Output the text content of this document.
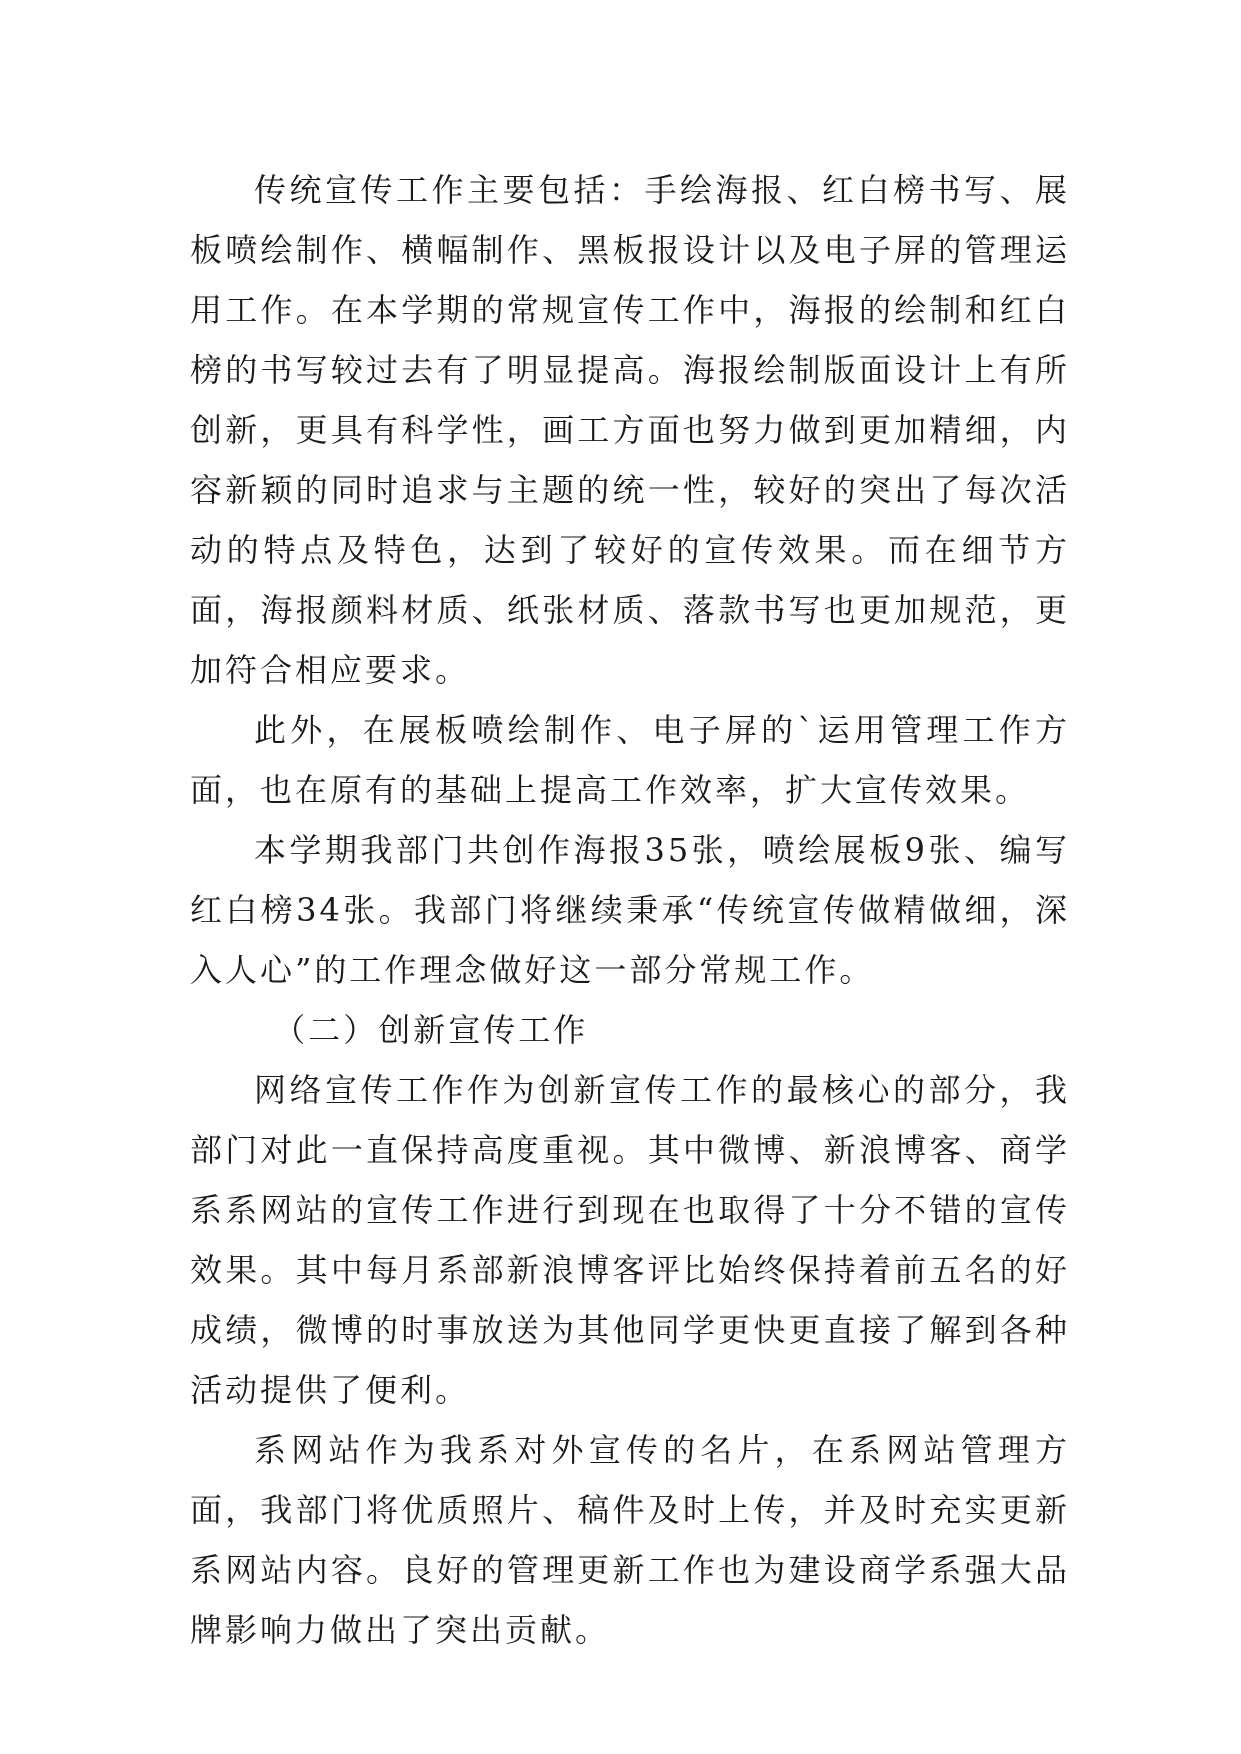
传统宣传工作主要包括：手绘海报、红白榜书写、展板喷绘制作、横幅制作、黑板报设计以及电子屏的管理运用工作。在本学期的常规宣传工作中，海报的绘制和红白榜的书写较过去有了明显提高。海报绘制版面设计上有所创新，更具有科学性，画工方面也努力做到更加精细，内容新颖的同时追求与主题的统一性，较好的突出了每次活动的特点及特色，达到了较好的宣传效果。而在细节方面，海报颜料材质、纸张材质、落款书写也更加规范，更加符合相应要求。

此外，在展板喷绘制作、电子屏的`运用管理工作方面，也在原有的基础上提高工作效率，扩大宣传效果。

本学期我部门共创作海报35张，喷绘展板9张、编写红白榜34张。我部门将继续秉承“传统宣传做精做细，深入人心”的工作理念做好这一部分常规工作。

（二）创新宣传工作

网络宣传工作作为创新宣传工作的最核心的部分，我部门对此一直保持高度重视。其中微博、新浪博客、商学系系网站的宣传工作进行到现在也取得了十分不错的宣传效果。其中每月系部新浪博客评比始终保持着前五名的好成绩，微博的时事放送为其他同学更快更直接了解到各种活动提供了便利。

系网站作为我系对外宣传的名片，在系网站管理方面，我部门将优质照片、稿件及时上传，并及时充实更新系网站内容。良好的管理更新工作也为建设商学系强大品牌影响力做出了突出贡献。
